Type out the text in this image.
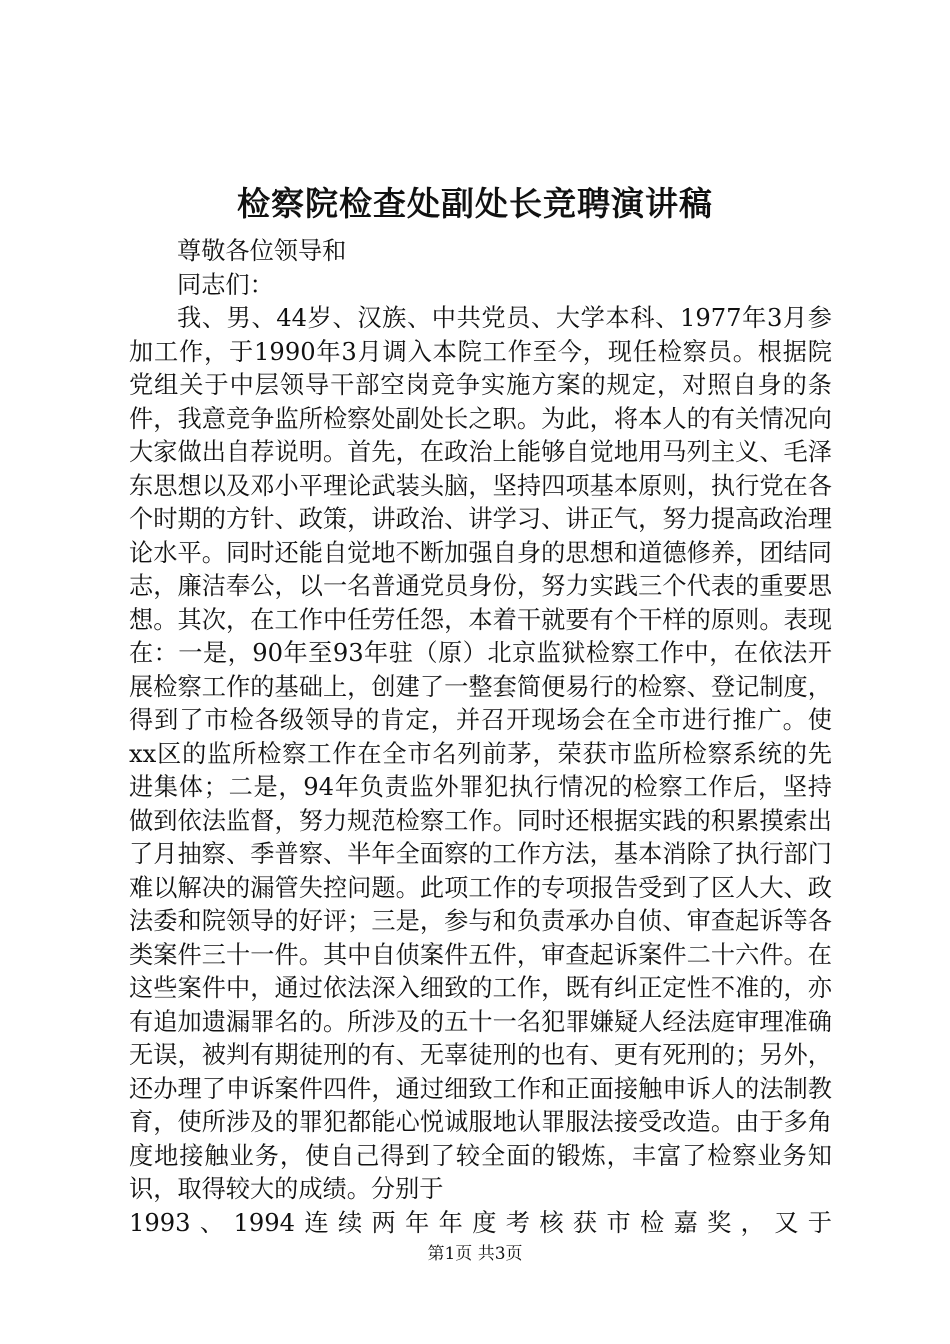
检察院检查处副处长竞聘演讲稿

尊敬各位领导和

同志们：

我、男、44岁、汉族、中共党员、大学本科、1977年3月参加工作，于1990年3月调入本院工作至今，现任检察员。根据院党组关于中层领导干部空岗竞争实施方案的规定，对照自身的条件，我意竞争监所检察处副处长之职。为此，将本人的有关情况向大家做出自荐说明。首先，在政治上能够自觉地用马列主义、毛泽东思想以及邓小平理论武装头脑，坚持四项基本原则，执行党在各个时期的方针、政策，讲政治、讲学习、讲正气，努力提高政治理论水平。同时还能自觉地不断加强自身的思想和道德修养，团结同志，廉洁奉公，以一名普通党员身份，努力实践三个代表的重要思想。其次，在工作中任劳任怨，本着干就要有个干样的原则。表现在：一是，90年至93年驻（原）北京监狱检察工作中，在依法开展检察工作的基础上，创建了一整套简便易行的检察、登记制度，得到了市检各级领导的肯定，并召开现场会在全市进行推广。使xx区的监所检察工作在全市名列前茅，荣获市监所检察系统的先进集体；二是，94年负责监外罪犯执行情况的检察工作后，坚持做到依法监督，努力规范检察工作。同时还根据实践的积累摸索出了月抽察、季普察、半年全面察的工作方法，基本消除了执行部门难以解决的漏管失控问题。此项工作的专项报告受到了区人大、政法委和院领导的好评；三是，参与和负责承办自侦、审查起诉等各类案件三十一件。其中自侦案件五件，审查起诉案件二十六件。在这些案件中，通过依法深入细致的工作，既有纠正定性不准的，亦有追加遗漏罪名的。所涉及的五十一名犯罪嫌疑人经法庭审理准确无误，被判有期徒刑的有、无辜徒刑的也有、更有死刑的；另外，还办理了申诉案件四件，通过细致工作和正面接触申诉人的法制教育，使所涉及的罪犯都能心悦诚服地认罪服法接受改造。由于多角度地接触业务，使自己得到了较全面的锻炼，丰富了检察业务知识，取得较大的成绩。分别于

1993、1994连续两年年度考核获市检嘉奖，又于

第1页 共3页
